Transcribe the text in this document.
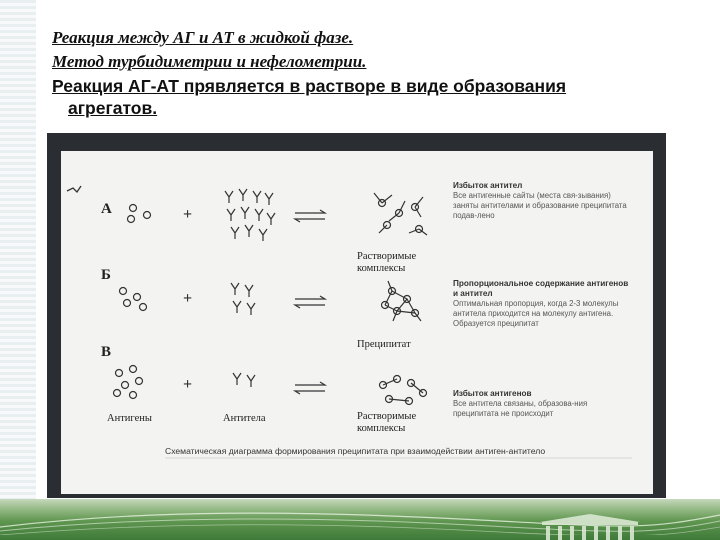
Реакция между АГ и АТ в жидкой фазе.
Метод турбидиметрии и нефелометрии.
Реакция АГ-АТ прявляется в растворе в виде образования
агрегатов.
+
+
+
А
Б
В
Растворимые комплексы
Преципитат
Растворимые комплексы
Антигены	Антитела
Избыток антител
Все антигенные сайты (места свя-зывания) заняты антителами и образование преципитата подав-лено
Пропорциональное содержание антигенов и антител
Оптимальная пропорция, когда 2-3 молекулы антитела приходится на молекулу антигена. Образуется преципитат
Избыток антигенов
Все антитела связаны, образова-ния преципитата не происходит
Схематическая диаграмма формирования преципитата при взаимодействии антиген-антитело
